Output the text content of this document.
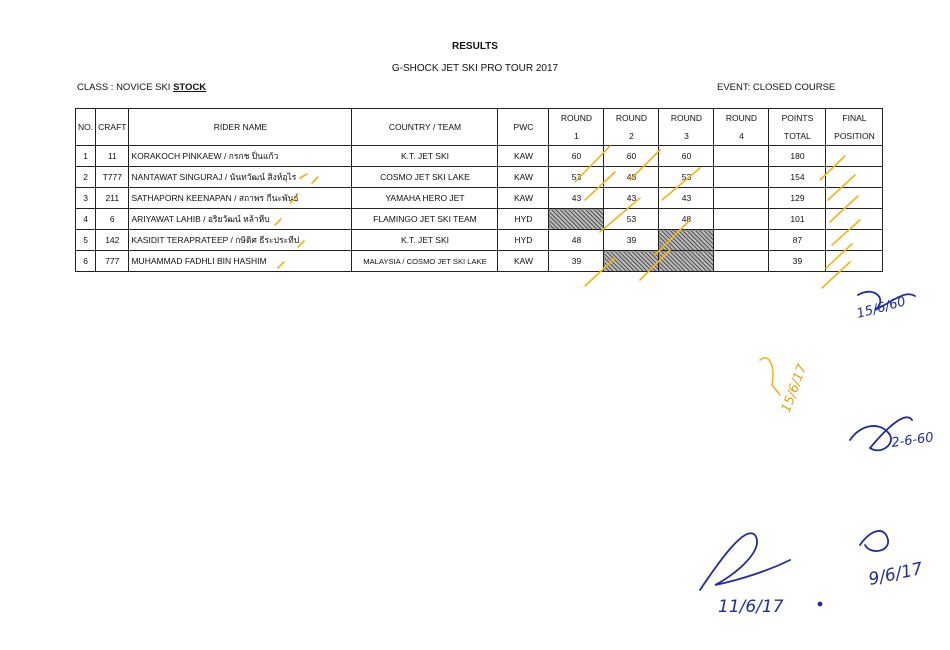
RESULTS
G-SHOCK JET SKI PRO TOUR 2017
CLASS : NOVICE SKI STOCK	EVENT: CLOSED COURSE
NO.	CRAFT	RIDER NAME	COUNTRY / TEAM	PWC	ROUND	ROUND	ROUND	ROUND	POINTS	FINAL
					1	2	3	4	TOTAL	POSITION
1	11	KORAKOCH PINKAEW / กรกช ปิ่นแก้ว	K.T. JET SKI	KAW	60	60	60		180	
2	T777	NANTAWAT SINGURAJ / นันทวัฒน์ สิงห์อุไร	COSMO JET SKI LAKE	KAW	53	48	53		154	
3	211	SATHAPORN KEENAPAN / สถาพร กีนะพันธ์	YAMAHA HERO JET	KAW	43	43	43		129	
4	6	ARIYAWAT LAHIB / อริยวัฒน์ หล้าหีบ	FLAMINGO JET SKI TEAM	HYD		53	48		101	
5	142	KASIDIT TERAPRATEEP / กษิดิศ ธีระประทีป	K.T. JET SKI	HYD	48	39			87	
6	777	MUHAMMAD FADHLI BIN HASHIM	MALAYSIA / COSMO JET SKI LAKE	KAW	39				39	
15/6/60
15/6/17
2-6-60
9/6/17
11/6/17
